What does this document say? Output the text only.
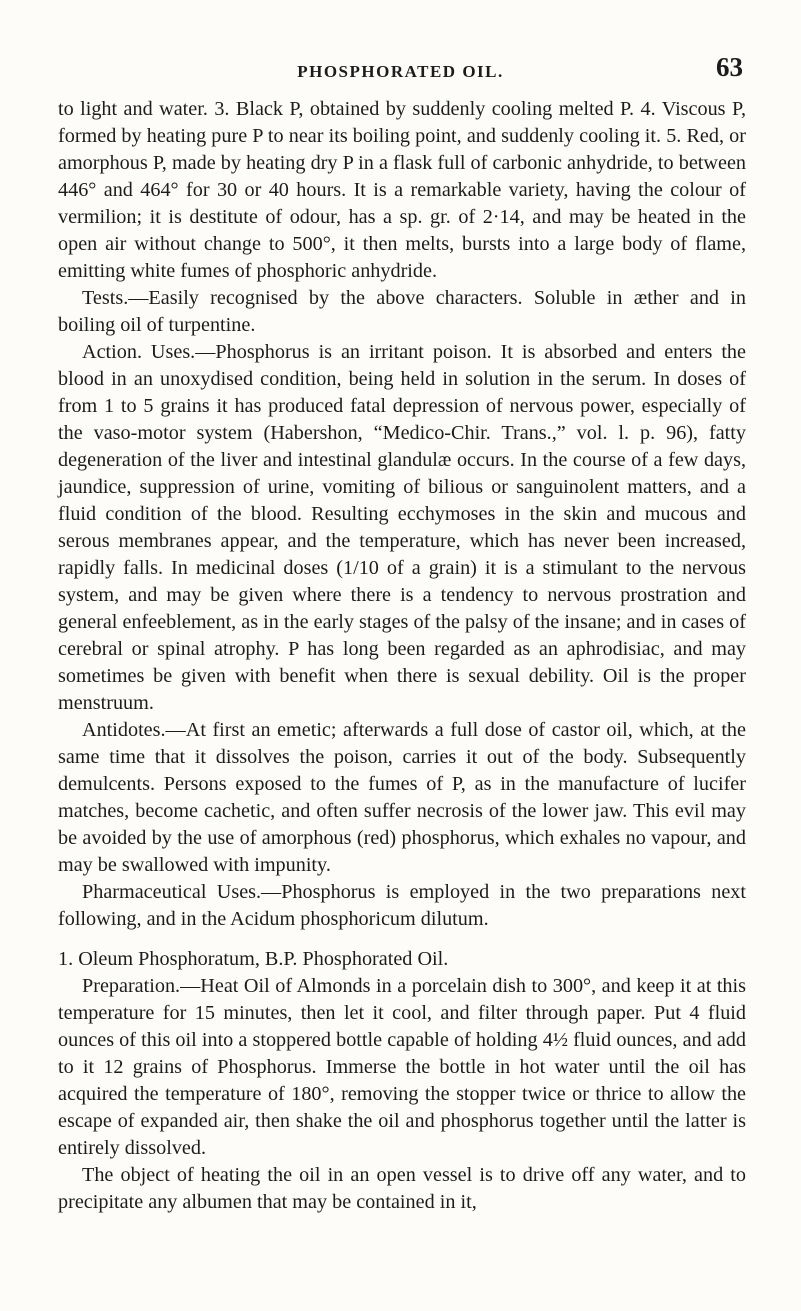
PHOSPHORATED OIL.	63

to light and water. 3. Black P, obtained by suddenly cooling melted P. 4. Viscous P, formed by heating pure P to near its boiling point, and suddenly cooling it. 5. Red, or amorphous P, made by heating dry P in a flask full of carbonic anhydride, to between 446° and 464° for 30 or 40 hours. It is a remarkable variety, having the colour of vermilion; it is destitute of odour, has a sp. gr. of 2·14, and may be heated in the open air without change to 500°, it then melts, bursts into a large body of flame, emitting white fumes of phosphoric anhydride.

Tests.—Easily recognised by the above characters. Soluble in æther and in boiling oil of turpentine.

Action. Uses.—Phosphorus is an irritant poison. It is absorbed and enters the blood in an unoxydised condition, being held in solution in the serum. In doses of from 1 to 5 grains it has produced fatal depression of nervous power, especially of the vaso-motor system (Habershon, “Medico-Chir. Trans.,” vol. l. p. 96), fatty degeneration of the liver and intestinal glandulæ occurs. In the course of a few days, jaundice, suppression of urine, vomiting of bilious or sanguinolent matters, and a fluid condition of the blood. Resulting ecchymoses in the skin and mucous and serous membranes appear, and the temperature, which has never been increased, rapidly falls. In medicinal doses (1/10 of a grain) it is a stimulant to the nervous system, and may be given where there is a tendency to nervous prostration and general enfeeblement, as in the early stages of the palsy of the insane; and in cases of cerebral or spinal atrophy. P has long been regarded as an aphrodisiac, and may sometimes be given with benefit when there is sexual debility. Oil is the proper menstruum.

Antidotes.—At first an emetic; afterwards a full dose of castor oil, which, at the same time that it dissolves the poison, carries it out of the body. Subsequently demulcents. Persons exposed to the fumes of P, as in the manufacture of lucifer matches, become cachetic, and often suffer necrosis of the lower jaw. This evil may be avoided by the use of amorphous (red) phosphorus, which exhales no vapour, and may be swallowed with impunity.

Pharmaceutical Uses.—Phosphorus is employed in the two preparations next following, and in the Acidum phosphoricum dilutum.

1. Oleum Phosphoratum, B.P. Phosphorated Oil.

Preparation.—Heat Oil of Almonds in a porcelain dish to 300°, and keep it at this temperature for 15 minutes, then let it cool, and filter through paper. Put 4 fluid ounces of this oil into a stoppered bottle capable of holding 4½ fluid ounces, and add to it 12 grains of Phosphorus. Immerse the bottle in hot water until the oil has acquired the temperature of 180°, removing the stopper twice or thrice to allow the escape of expanded air, then shake the oil and phosphorus together until the latter is entirely dissolved.

The object of heating the oil in an open vessel is to drive off any water, and to precipitate any albumen that may be contained in it,
